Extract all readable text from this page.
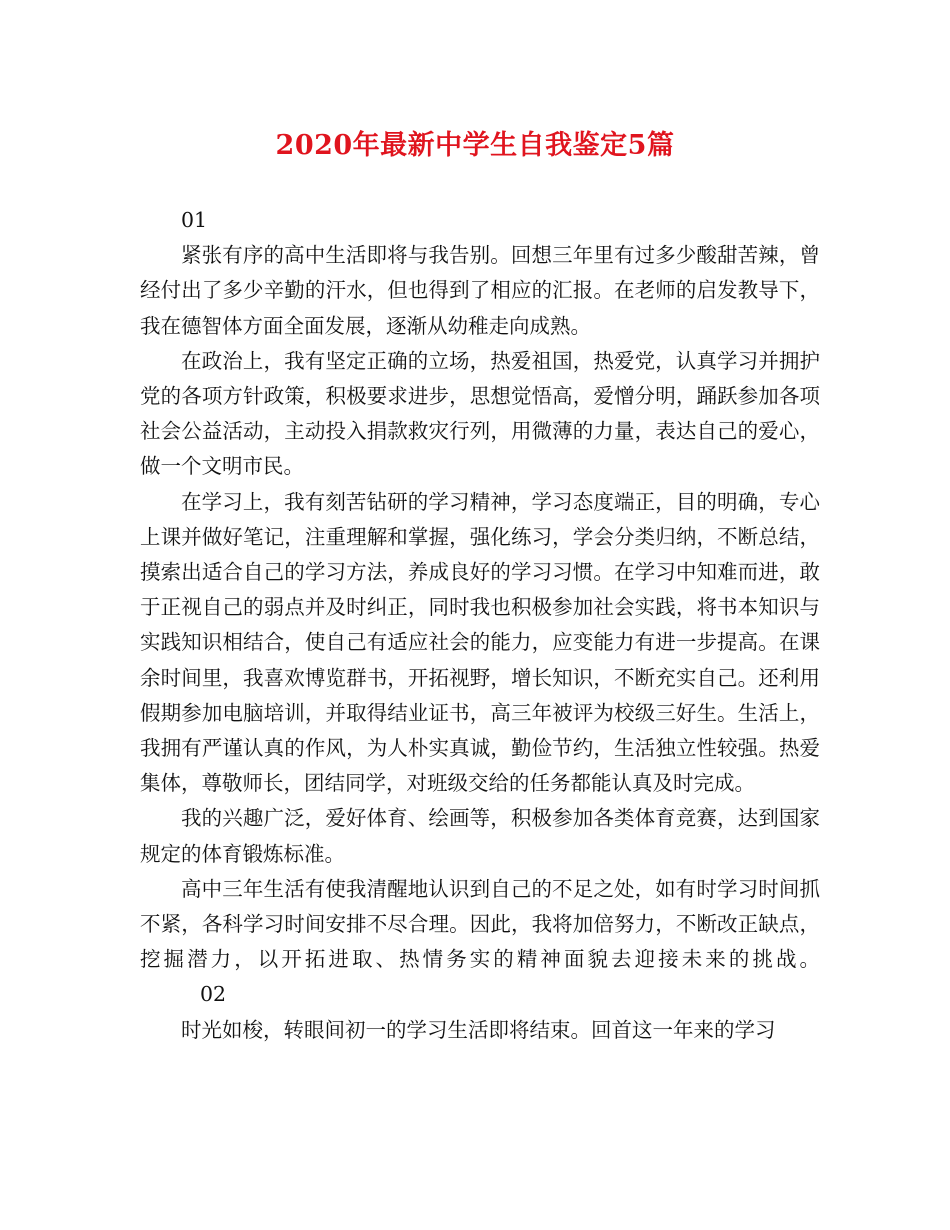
2020年最新中学生自我鉴定5篇

01

紧张有序的高中生活即将与我告别。回想三年里有过多少酸甜苦辣，曾经付出了多少辛勤的汗水，但也得到了相应的汇报。在老师的启发教导下，我在德智体方面全面发展，逐渐从幼稚走向成熟。

在政治上，我有坚定正确的立场，热爱祖国，热爱党，认真学习并拥护党的各项方针政策，积极要求进步，思想觉悟高，爱憎分明，踊跃参加各项社会公益活动，主动投入捐款救灾行列，用微薄的力量，表达自己的爱心，做一个文明市民。

在学习上，我有刻苦钻研的学习精神，学习态度端正，目的明确，专心上课并做好笔记，注重理解和掌握，强化练习，学会分类归纳，不断总结，摸索出适合自己的学习方法，养成良好的学习习惯。在学习中知难而进，敢于正视自己的弱点并及时纠正，同时我也积极参加社会实践，将书本知识与实践知识相结合，使自己有适应社会的能力，应变能力有进一步提高。在课余时间里，我喜欢博览群书，开拓视野，增长知识，不断充实自己。还利用假期参加电脑培训，并取得结业证书，高三年被评为校级三好生。生活上，我拥有严谨认真的作风，为人朴实真诚，勤俭节约，生活独立性较强。热爱集体，尊敬师长，团结同学，对班级交给的任务都能认真及时完成。

我的兴趣广泛，爱好体育、绘画等，积极参加各类体育竞赛，达到国家规定的体育锻炼标准。

高中三年生活有使我清醒地认识到自己的不足之处，如有时学习时间抓不紧，各科学习时间安排不尽合理。因此，我将加倍努力，不断改正缺点，挖掘潜力，以开拓进取、热情务实的精神面貌去迎接未来的挑战。02

时光如梭，转眼间初一的学习生活即将结束。回首这一年来的学习
